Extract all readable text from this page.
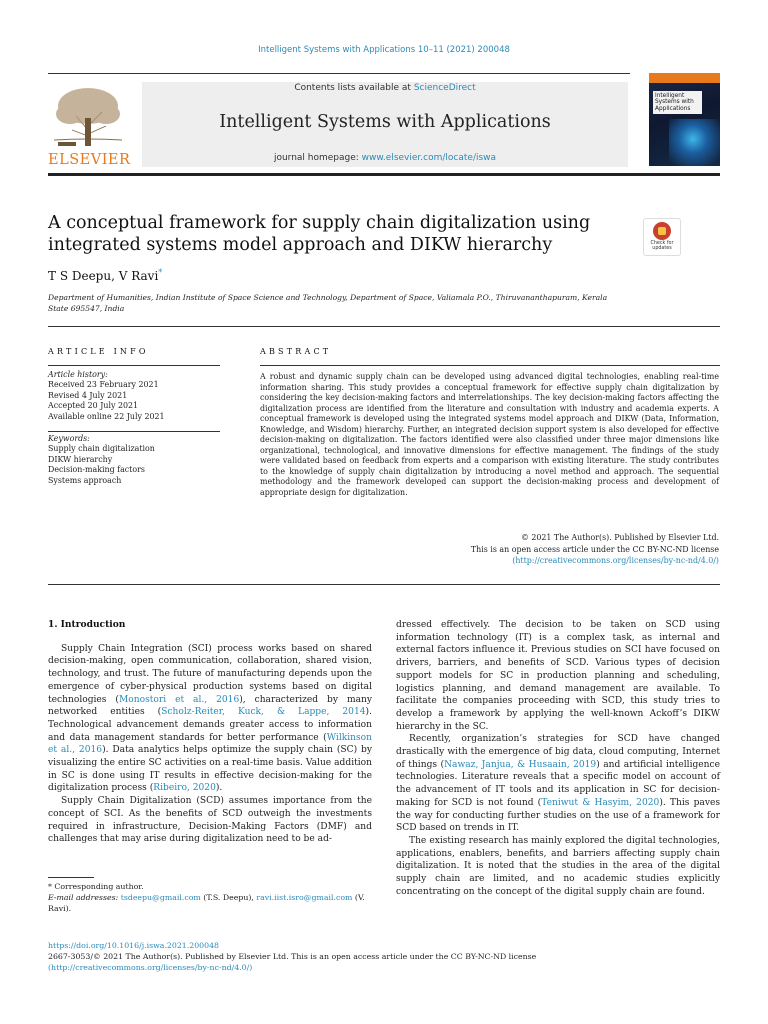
Intelligent Systems with Applications 10–11 (2021) 200048
ELSEVIER
Contents lists available at ScienceDirect
Intelligent Systems with Applications
journal homepage: www.elsevier.com/locate/iswa
Intelligent Systems with Applications
A conceptual framework for supply chain digitalization using integrated systems model approach and DIKW hierarchy	Check for updates
T S Deepu, V Ravi*
Department of Humanities, Indian Institute of Space Science and Technology, Department of Space, Valiamala P.O., Thiruvananthapuram, Kerala State 695547, India
ARTICLE INFO	ABSTRACT
Article history:
Received 23 February 2021
Revised 4 July 2021
Accepted 20 July 2021
Available online 22 July 2021
Keywords:
Supply chain digitalization
DIKW hierarchy
Decision-making factors
Systems approach
A robust and dynamic supply chain can be developed using advanced digital technologies, enabling real-time information sharing. This study provides a conceptual framework for effective supply chain digitalization by considering the key decision-making factors and interrelationships. The key decision-making factors affecting the digitalization process are identified from the literature and consultation with industry and academia experts. A conceptual framework is developed using the integrated systems model approach and DIKW (Data, Information, Knowledge, and Wisdom) hierarchy. Further, an integrated decision support system is also developed for effective decision-making on digitalization. The factors identified were also classified under three major dimensions like organizational, technological, and innovative dimensions for effective management. The findings of the study were validated based on feedback from experts and a comparison with existing literature. The study contributes to the knowledge of supply chain digitalization by introducing a novel method and approach. The sequential methodology and the framework developed can support the decision-making process and development of appropriate design for digitalization.
© 2021 The Author(s). Published by Elsevier Ltd.
This is an open access article under the CC BY-NC-ND license
(http://creativecommons.org/licenses/by-nc-nd/4.0/)

1. Introduction

Supply Chain Integration (SCI) process works based on shared decision-making, open communication, collaboration, shared vision, technology, and trust. The future of manufacturing depends upon the emergence of cyber-physical production systems based on digital technologies (Monostori et al., 2016), characterized by many networked entities (Scholz-Reiter, Kuck, & Lappe, 2014). Technological advancement demands greater access to information and data management standards for better performance (Wilkinson et al., 2016). Data analytics helps optimize the supply chain (SC) by visualizing the entire SC activities on a real-time basis. Value addition in SC is done using IT results in effective decision-making for the digitalization process (Ribeiro, 2020).

Supply Chain Digitalization (SCD) assumes importance from the concept of SCI. As the benefits of SCD outweigh the investments required in infrastructure, Decision-Making Factors (DMF) and challenges that may arise during digitalization need to be ad-

dressed effectively. The decision to be taken on SCD using information technology (IT) is a complex task, as internal and external factors influence it. Previous studies on SCI have focused on drivers, barriers, and benefits of SCD. Various types of decision support models for SC in production planning and scheduling, logistics planning, and demand management are available. To facilitate the companies proceeding with SCD, this study tries to develop a framework by applying the well-known Ackoff’s DIKW hierarchy in the SC.

Recently, organization’s strategies for SCD have changed drastically with the emergence of big data, cloud computing, Internet of things (Nawaz, Janjua, & Husaain, 2019) and artificial intelligence technologies. Literature reveals that a specific model on account of the advancement of IT tools and its application in SC for decision-making for SCD is not found (Teniwut & Hasyim, 2020). This paves the way for conducting further studies on the use of a framework for SCD based on trends in IT.

The existing research has mainly explored the digital technologies, applications, enablers, benefits, and barriers affecting supply chain digitalization. It is noted that the studies in the area of the digital supply chain are limited, and no academic studies explicitly concentrating on the concept of the digital supply chain are found.

* Corresponding author.
E-mail addresses: tsdeepu@gmail.com (T.S. Deepu), ravi.iist.isro@gmail.com (V. Ravi).
https://doi.org/10.1016/j.iswa.2021.200048
2667-3053/© 2021 The Author(s). Published by Elsevier Ltd. This is an open access article under the CC BY-NC-ND license
(http://creativecommons.org/licenses/by-nc-nd/4.0/)
